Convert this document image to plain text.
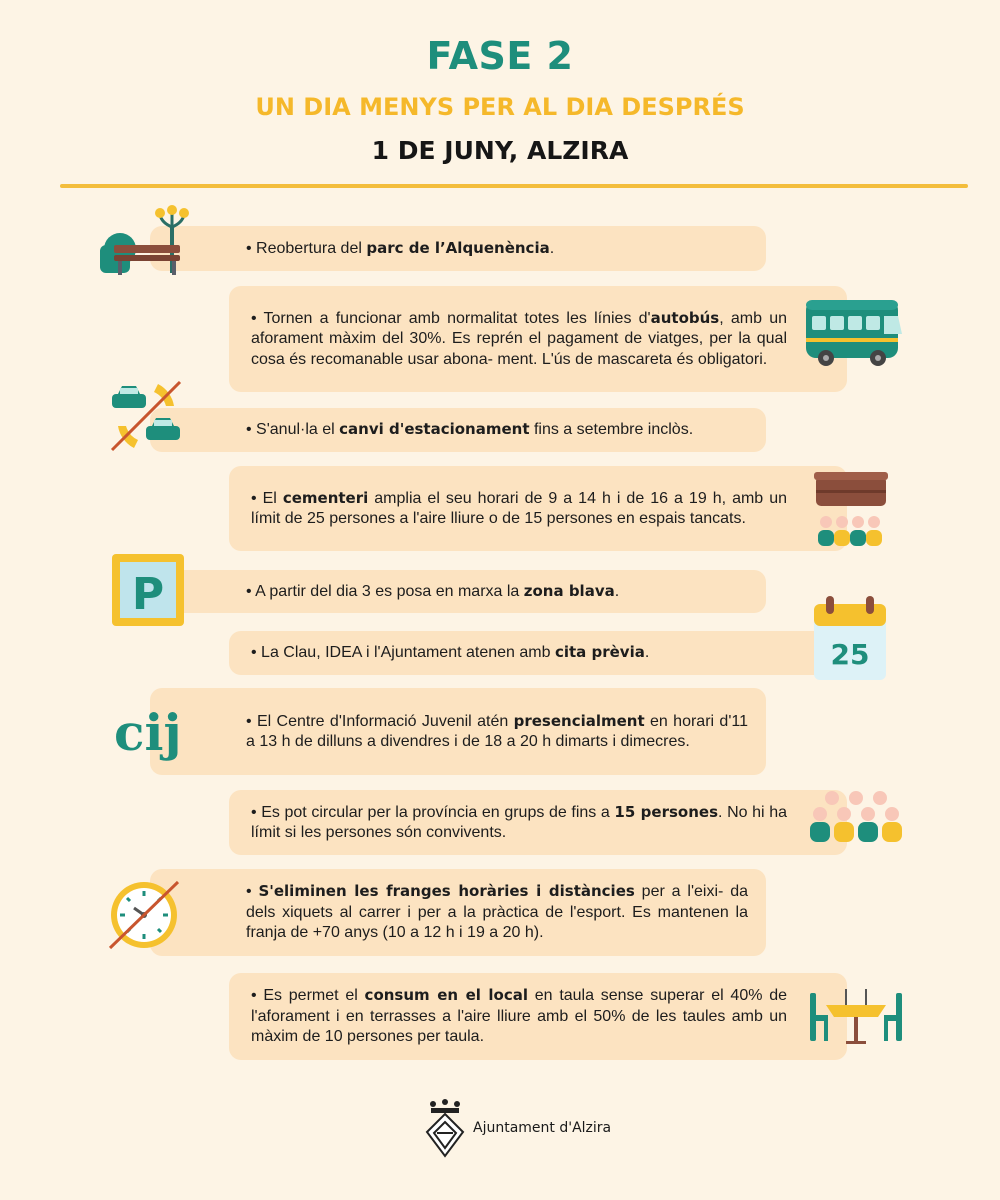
FASE 2
UN DIA MENYS PER AL DIA DESPRÉS
1 DE JUNY, ALZIRA

• Reobertura del parc de l’Alquenència.

• Tornen a funcionar amb normalitat totes les línies d'autobús, amb un aforament màxim del 30%. Es reprén el pagament de viatges, per la qual cosa és recomanable usar abona- ment. L'ús de mascareta és obligatori.

• S'anul·la el canvi d'estacionament fins a setembre inclòs.

• El cementeri amplia el seu horari de 9 a 14 h i de 16 a 19 h, amb un límit de 25 persones a l'aire lliure o de 15 persones en espais tancats.

• A partir del dia 3 es posa en marxa la zona blava.

• La Clau, IDEA i l'Ajuntament atenen amb cita prèvia.

• El Centre d'Informació Juvenil atén presencialment en horari d'11 a 13 h de dilluns a divendres i de 18 a 20 h dimarts i dimecres.

• Es pot circular per la província en grups de fins a 15 persones. No hi ha límit si les persones són convivents.

• S'eliminen les franges horàries i distàncies per a l'eixi- da dels xiquets al carrer i per a la pràctica de l'esport. Es mantenen la franja de +70 anys (10 a 12 h i 19 a 20 h).

• Es permet el consum en el local en taula sense superar el 40% de l'aforament i en terrasses a l'aire lliure amb el 50% de les taules amb un màxim de 10 persones per taula.

P
25
cij
Ajuntament d'Alzira
